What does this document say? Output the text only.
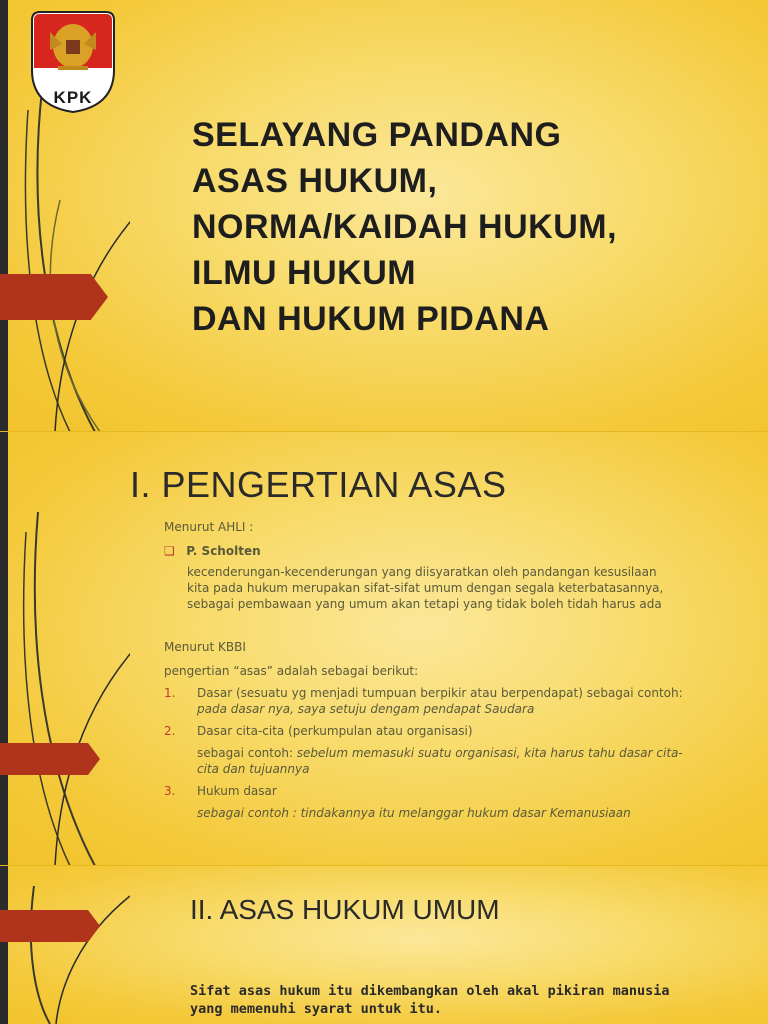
KPK
SELAYANG PANDANG
ASAS HUKUM,
NORMA/KAIDAH HUKUM,
ILMU HUKUM
DAN HUKUM PIDANA
I. PENGERTIAN ASAS
Menurut AHLI :
❑ P. Scholten
kecenderungan-kecenderungan yang diisyaratkan oleh pandangan kesusilaan
kita pada hukum merupakan sifat-sifat umum dengan segala keterbatasannya,
sebagai pembawaan yang umum akan tetapi yang tidak boleh tidah harus ada
Menurut KBBI
pengertian “asas” adalah sebagai berikut:
1. Dasar (sesuatu yg menjadi tumpuan berpikir atau berpendapat) sebagai contoh:
pada dasar nya, saya setuju dengam pendapat Saudara
2. Dasar cita-cita (perkumpulan atau organisasi)
sebagai contoh: sebelum memasuki suatu organisasi, kita harus tahu dasar cita-
cita dan tujuannya
3. Hukum dasar
sebagai contoh : tindakannya itu melanggar hukum dasar Kemanusiaan
II. ASAS HUKUM UMUM
Sifat asas hukum itu dikembangkan oleh akal pikiran manusia
yang memenuhi syarat untuk itu.
